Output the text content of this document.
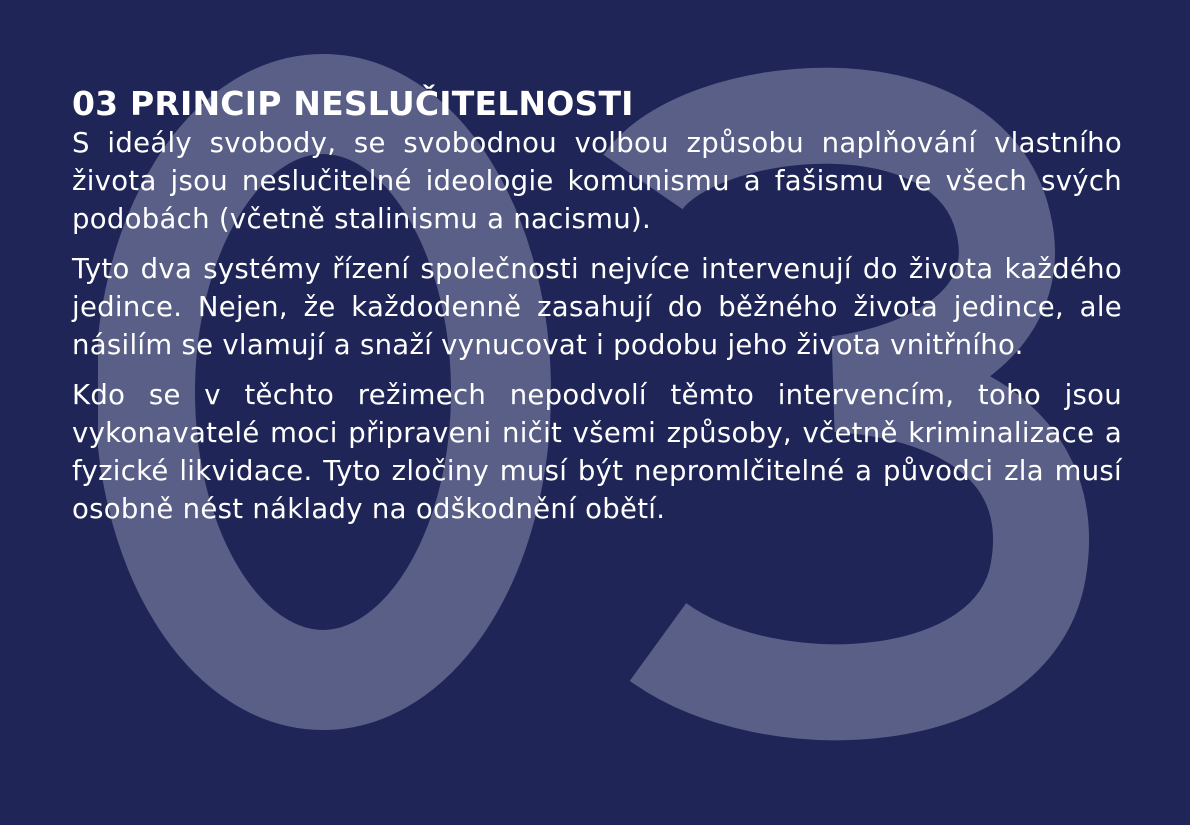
03 PRINCIP NESLUČITELNOSTI

S ideály svobody, se svobodnou volbou způsobu naplňování vlastního života jsou neslučitelné ideologie komunismu a fašismu ve všech svých podobách (včetně stalinismu a nacismu).

Tyto dva systémy řízení společnosti nejvíce intervenují do života každého jedince. Nejen, že každodenně zasahují do běžného života jedince, ale násilím se vlamují a snaží vynucovat i podobu jeho života vnitřního.

Kdo se v těchto režimech nepodvolí těmto intervencím, toho jsou vykonavatelé moci připraveni ničit všemi způsoby, včetně kriminalizace a fyzické likvidace. Tyto zločiny musí být nepromlčitelné a původci zla musí osobně nést náklady na odškodnění obětí.
